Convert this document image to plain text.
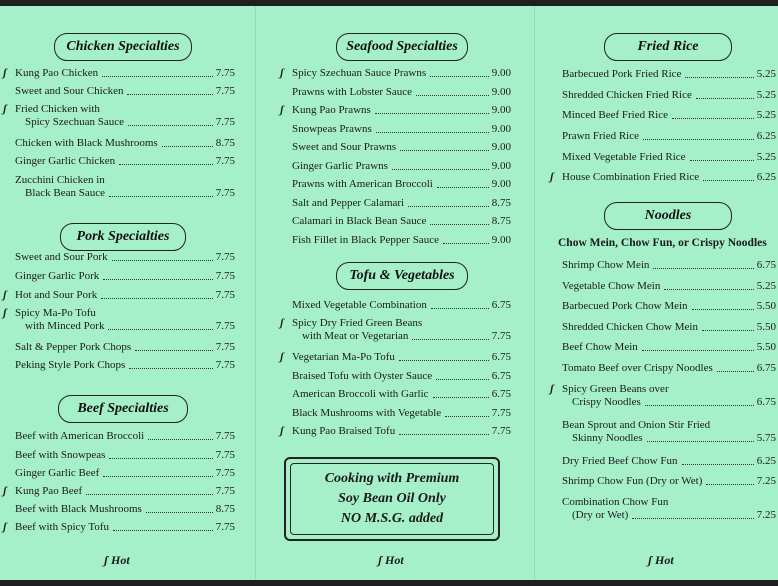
Chicken Specialties
ʃ Kung Pao Chicken	7.75
Sweet and Sour Chicken	7.75
ʃ Fried Chicken with
Spicy Szechuan Sauce	7.75
Chicken with Black Mushrooms	8.75
Ginger Garlic Chicken	7.75
Zucchini Chicken in
Black Bean Sauce	7.75
Pork Specialties
Sweet and Sour Pork	7.75
Ginger Garlic Pork	7.75
ʃ Hot and Sour Pork	7.75
ʃ Spicy Ma-Po Tofu
with Minced Pork	7.75
Salt & Pepper Pork Chops	7.75
Peking Style Pork Chops	7.75
Beef Specialties
Beef with American Broccoli	7.75
Beef with Snowpeas	7.75
Ginger Garlic Beef	7.75
ʃ Kung Pao Beef	7.75
Beef with Black Mushrooms	8.75
ʃ Beef with Spicy Tofu	7.75
ʃ Hot
Seafood Specialties
ʃ Spicy Szechuan Sauce Prawns	9.00
Prawns with Lobster Sauce	9.00
ʃ Kung Pao Prawns	9.00
Snowpeas Prawns	9.00
Sweet and Sour Prawns	9.00
Ginger Garlic Prawns	9.00
Prawns with American Broccoli	9.00
Salt and Pepper Calamari	8.75
Calamari in Black Bean Sauce	8.75
Fish Fillet in Black Pepper Sauce	9.00
Tofu & Vegetables
Mixed Vegetable Combination	6.75
ʃ Spicy Dry Fried Green Beans
with Meat or Vegetarian	7.75
ʃ Vegetarian Ma-Po Tofu	6.75
Braised Tofu with Oyster Sauce	6.75
American Broccoli with Garlic	6.75
Black Mushrooms with Vegetable	7.75
ʃ Kung Pao Braised Tofu	7.75
ʃ Hot
Cooking with Premium
Soy Bean Oil Only
NO M.S.G. added
Fried Rice
Barbecued Pork Fried Rice	5.25
Shredded Chicken Fried Rice	5.25
Minced Beef Fried Rice	5.25
Prawn Fried Rice	6.25
Mixed Vegetable Fried Rice	5.25
ʃ House Combination Fried Rice	6.25
Noodles
Chow Mein, Chow Fun, or Crispy Noodles
Shrimp Chow Mein	6.75
Vegetable Chow Mein	5.25
Barbecued Pork Chow Mein	5.50
Shredded Chicken Chow Mein	5.50
Beef Chow Mein	5.50
Tomato Beef over Crispy Noodles	6.75
ʃ Spicy Green Beans over
Crispy Noodles	6.75
Bean Sprout and Onion Stir Fried
Skinny Noodles	5.75
Dry Fried Beef Chow Fun	6.25
Shrimp Chow Fun (Dry or Wet)	7.25
Combination Chow Fun
(Dry or Wet)	7.25
ʃ Hot
